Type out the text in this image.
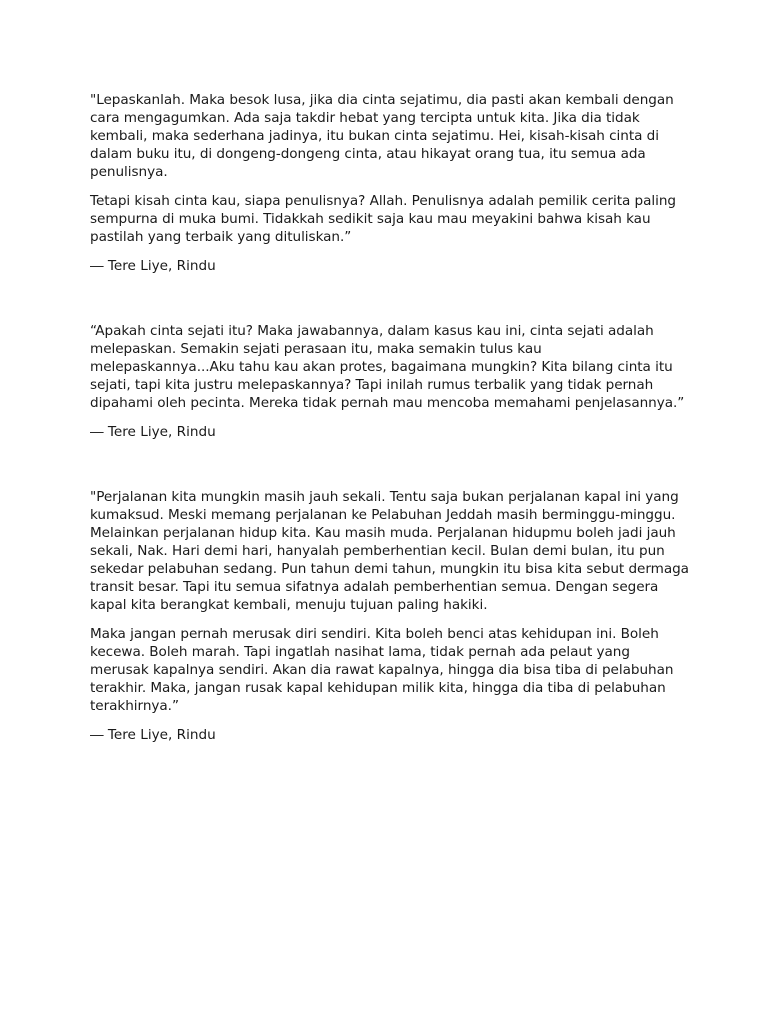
"Lepaskanlah. Maka besok lusa, jika dia cinta sejatimu, dia pasti akan kembali dengan cara mengagumkan. Ada saja takdir hebat yang tercipta untuk kita. Jika dia tidak kembali, maka sederhana jadinya, itu bukan cinta sejatimu. Hei, kisah-kisah cinta di dalam buku itu, di dongeng-dongeng cinta, atau hikayat orang tua, itu semua ada penulisnya.

Tetapi kisah cinta kau, siapa penulisnya? Allah. Penulisnya adalah pemilik cerita paling sempurna di muka bumi. Tidakkah sedikit saja kau mau meyakini bahwa kisah kau pastilah yang terbaik yang dituliskan.”

― Tere Liye, Rindu

“Apakah cinta sejati itu? Maka jawabannya, dalam kasus kau ini, cinta sejati adalah melepaskan. Semakin sejati perasaan itu, maka semakin tulus kau melepaskannya...Aku tahu kau akan protes, bagaimana mungkin? Kita bilang cinta itu sejati, tapi kita justru melepaskannya? Tapi inilah rumus terbalik yang tidak pernah dipahami oleh pecinta. Mereka tidak pernah mau mencoba memahami penjelasannya.”

― Tere Liye, Rindu

"Perjalanan kita mungkin masih jauh sekali. Tentu saja bukan perjalanan kapal ini yang kumaksud. Meski memang perjalanan ke Pelabuhan Jeddah masih berminggu-minggu. Melainkan perjalanan hidup kita. Kau masih muda. Perjalanan hidupmu boleh jadi jauh sekali, Nak. Hari demi hari, hanyalah pemberhentian kecil. Bulan demi bulan, itu pun sekedar pelabuhan sedang. Pun tahun demi tahun, mungkin itu bisa kita sebut dermaga transit besar. Tapi itu semua sifatnya adalah pemberhentian semua. Dengan segera kapal kita berangkat kembali, menuju tujuan paling hakiki.

Maka jangan pernah merusak diri sendiri. Kita boleh benci atas kehidupan ini. Boleh kecewa. Boleh marah. Tapi ingatlah nasihat lama, tidak pernah ada pelaut yang merusak kapalnya sendiri. Akan dia rawat kapalnya, hingga dia bisa tiba di pelabuhan terakhir. Maka, jangan rusak kapal kehidupan milik kita, hingga dia tiba di pelabuhan terakhirnya.”

― Tere Liye, Rindu
